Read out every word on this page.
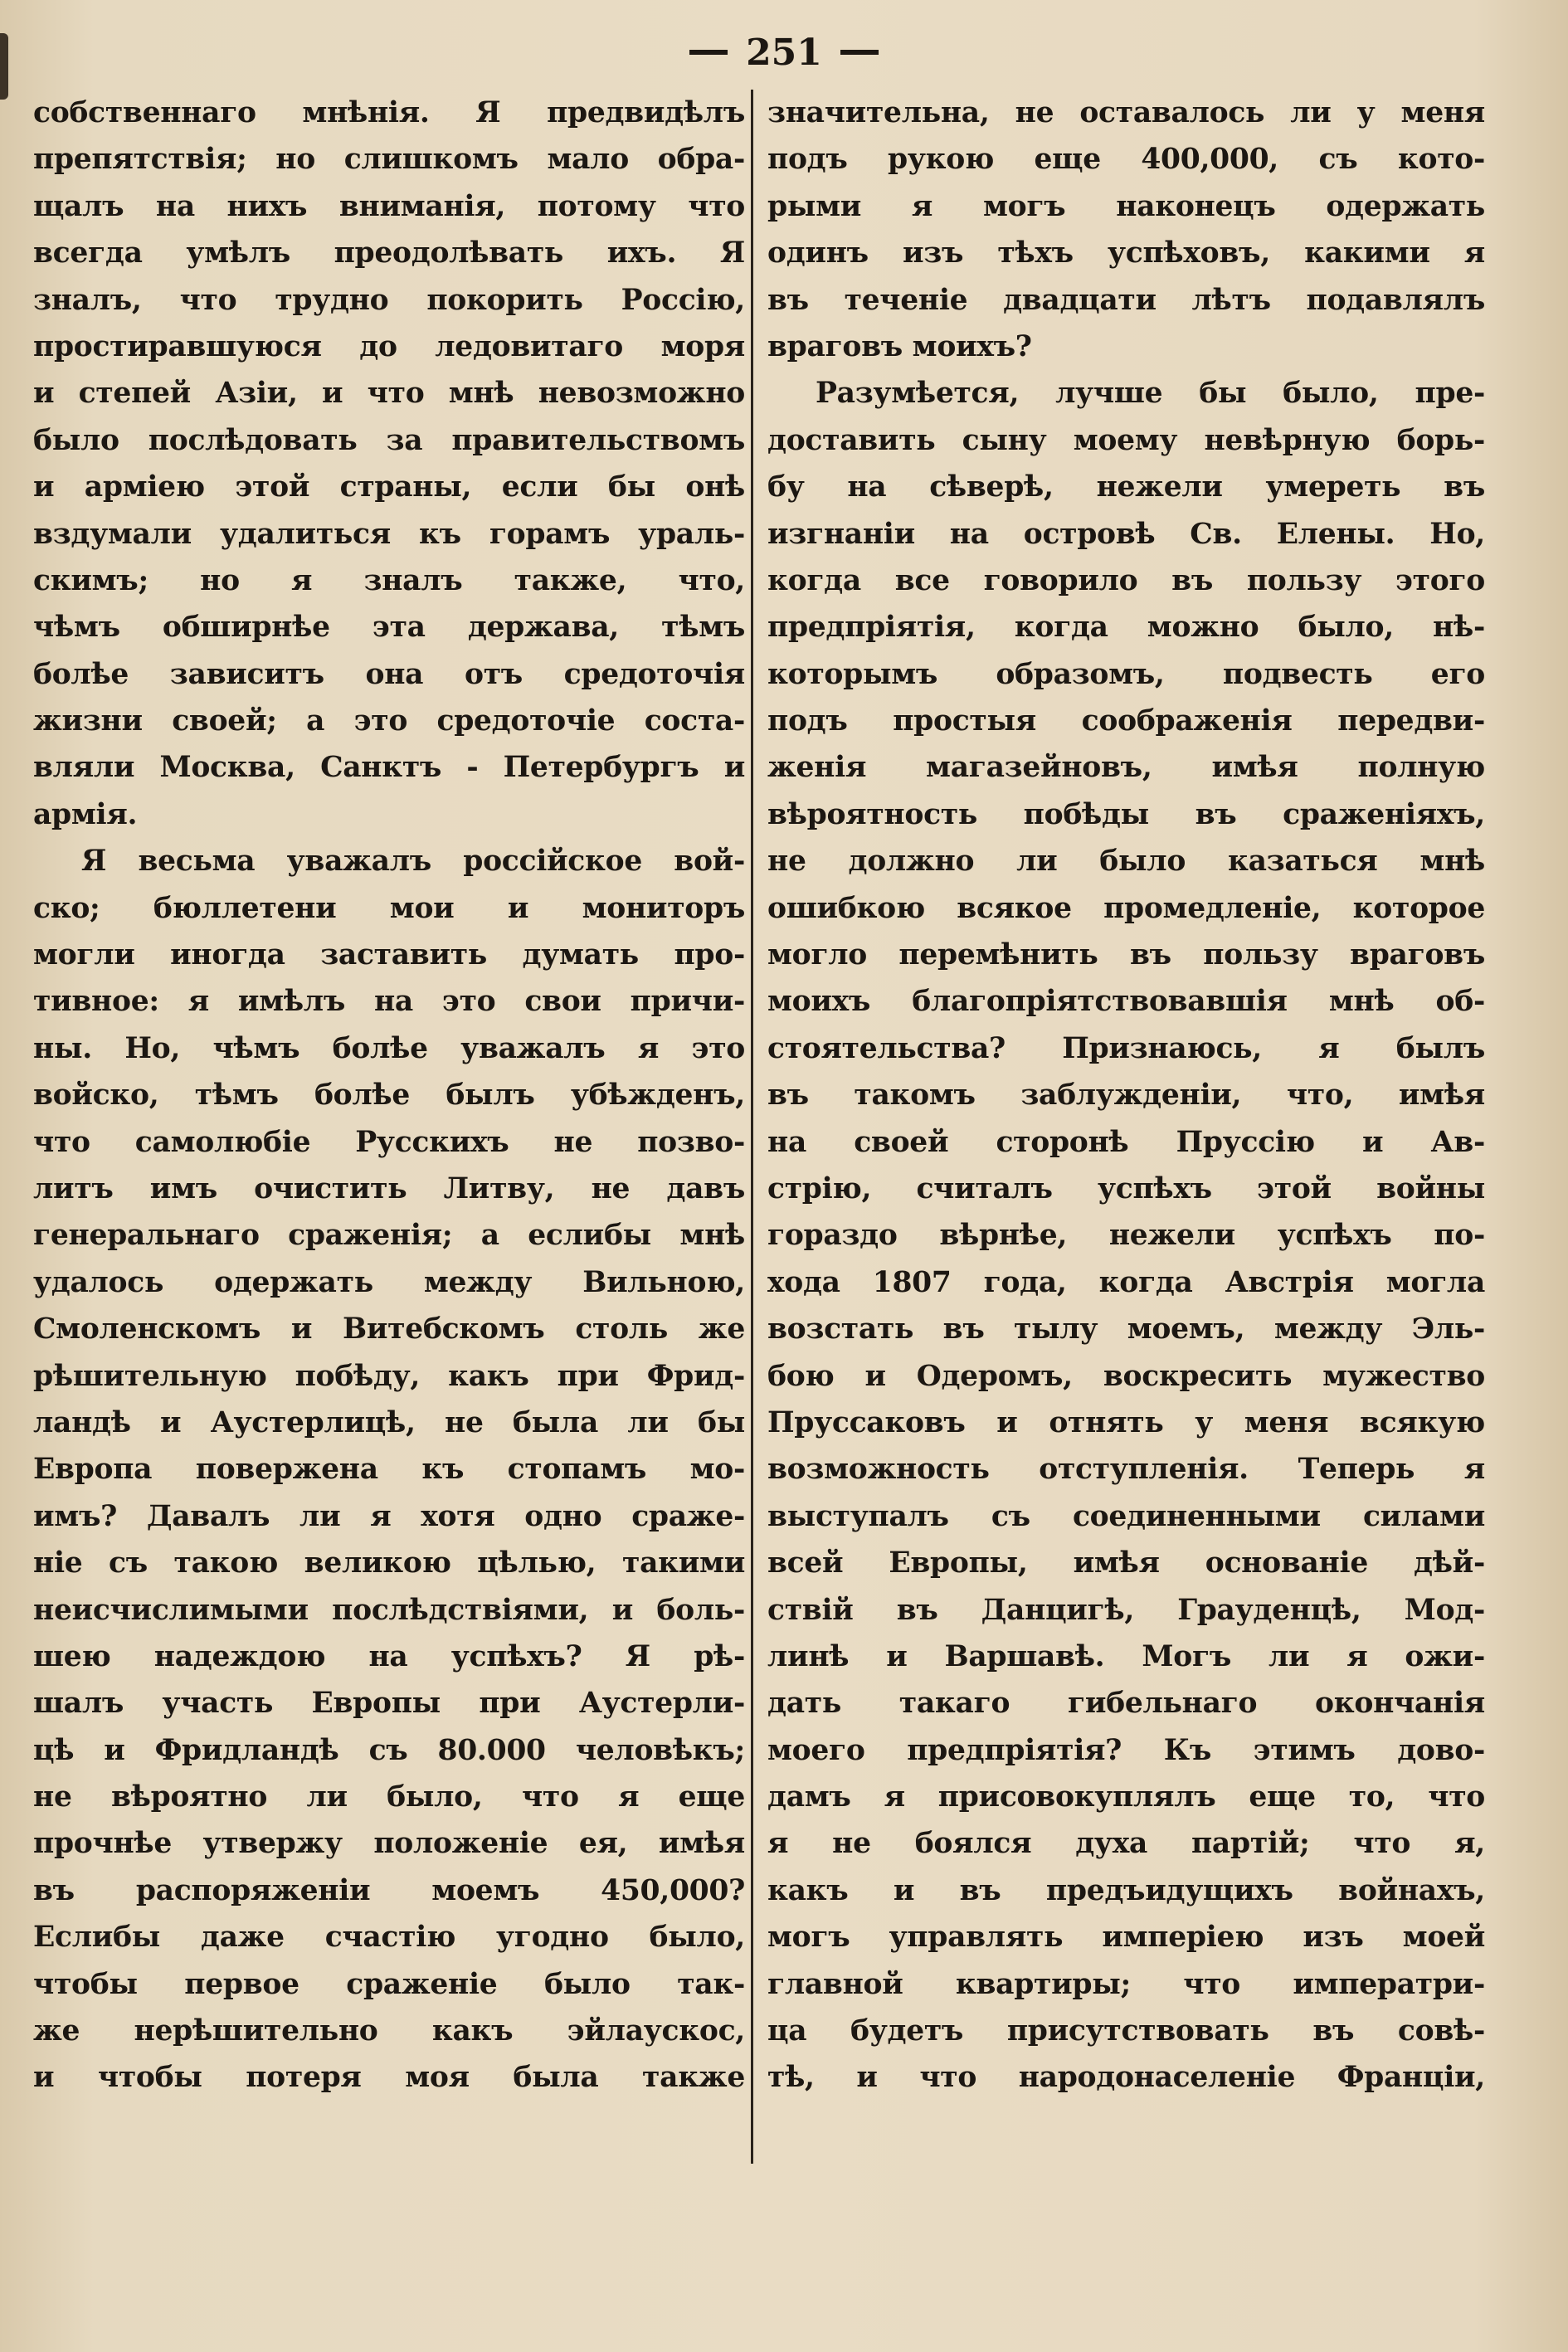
251
собственнаго мнѣнія. Я предвидѣлъ
препятствія; но слишкомъ мало обра-
щалъ на нихъ вниманія, потому что
всегда умѣлъ преодолѣвать ихъ. Я
зналъ, что трудно покорить Россію,
простиравшуюся до ледовитаго моря
и степей Азіи, и что мнѣ невозможно
было послѣдовать за правительствомъ
и арміею этой страны, если бы онѣ
вздумали удалиться къ горамъ ураль-
скимъ; но я зналъ также, что,
чѣмъ обширнѣе эта держава, тѣмъ
болѣе зависитъ она отъ средоточія
жизни своей; а это средоточіе соста-
вляли Москва, Санктъ - Петербургъ и
армія.
Я весьма уважалъ россійское вой-
ско; бюллетени мои и мониторъ
могли иногда заставить думать про-
тивное: я имѣлъ на это свои причи-
ны. Но, чѣмъ болѣе уважалъ я это
войско, тѣмъ болѣе былъ убѣжденъ,
что самолюбіе Русскихъ не позво-
литъ имъ очистить Литву, не давъ
генеральнаго сраженія; а еслибы мнѣ
удалось одержать между Вильною,
Смоленскомъ и Витебскомъ столь же
рѣшительную побѣду, какъ при Фрид-
ландѣ и Аустерлицѣ, не была ли бы
Европа повержена къ стопамъ мо-
имъ? Давалъ ли я хотя одно сраже-
ніе съ такою великою цѣлью, такими
неисчислимыми послѣдствіями, и боль-
шею надеждою на успѣхъ? Я рѣ-
шалъ участь Европы при Аустерли-
цѣ и Фридландѣ съ 80.000 человѣкъ;
не вѣроятно ли было, что я еще
прочнѣе утвержу положеніе ея, имѣя
въ распоряженіи моемъ 450,000?
Еслибы даже счастію угодно было,
чтобы первое сраженіе было так-
же нерѣшительно какъ эйлаускос,
и чтобы потеря моя была также
значительна, не оставалось ли у меня
подъ рукою еще 400,000, съ кото-
рыми я могъ наконецъ одержать
одинъ изъ тѣхъ успѣховъ, какими я
въ теченіе двадцати лѣтъ подавлялъ
враговъ моихъ?
Разумѣется, лучше бы было, пре-
доставить сыну моему невѣрную борь-
бу на сѣверѣ, нежели умереть въ
изгнаніи на островѣ Св. Елены. Но,
когда все говорило въ пользу этого
предпріятія, когда можно было, нѣ-
которымъ образомъ, подвесть его
подъ простыя соображенія передви-
женія магазейновъ, имѣя полную
вѣроятность побѣды въ сраженіяхъ,
не должно ли было казаться мнѣ
ошибкою всякое промедленіе, которое
могло перемѣнить въ пользу враговъ
моихъ благопріятствовавшія мнѣ об-
стоятельства? Признаюсь, я былъ
въ такомъ заблужденіи, что, имѣя
на своей сторонѣ Пруссію и Ав-
стрію, считалъ успѣхъ этой войны
гораздо вѣрнѣе, нежели успѣхъ по-
хода 1807 года, когда Австрія могла
возстать въ тылу моемъ, между Эль-
бою и Одеромъ, воскресить мужество
Пруссаковъ и отнять у меня всякую
возможность отступленія. Теперь я
выступалъ съ соединенными силами
всей Европы, имѣя основаніе дѣй-
ствій въ Данцигѣ, Грауденцѣ, Мод-
линѣ и Варшавѣ. Могъ ли я ожи-
дать такаго гибельнаго окончанія
моего предпріятія? Къ этимъ дово-
дамъ я присовокуплялъ еще то, что
я не боялся духа партій; что я,
какъ и въ предъидущихъ войнахъ,
могъ управлять имперіею изъ моей
главной квартиры; что императри-
ца будетъ присутствовать въ совѣ-
тѣ, и что народонаселеніе Франціи,
